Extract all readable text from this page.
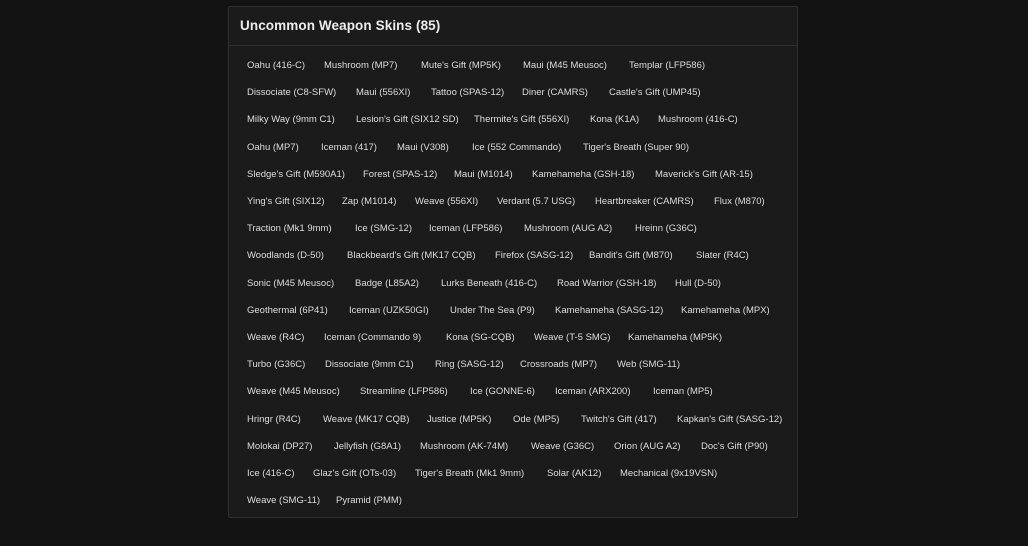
Uncommon Weapon Skins (85)
Oahu (416-C) Mushroom (MP7) Mute's Gift (MP5K) Maui (M45 Meusoc) Templar (LFP586)
Dissociate (C8-SFW) Maui (556XI) Tattoo (SPAS-12) Diner (CAMRS) Castle's Gift (UMP45)
Milky Way (9mm C1) Lesion's Gift (SIX12 SD) Thermite's Gift (556XI) Kona (K1A) Mushroom (416-C)
Oahu (MP7) Iceman (417) Maui (V308) Ice (552 Commando) Tiger's Breath (Super 90)
Sledge's Gift (M590A1) Forest (SPAS-12) Maui (M1014) Kamehameha (GSH-18) Maverick's Gift (AR-15)
Ying's Gift (SIX12) Zap (M1014) Weave (556XI) Verdant (5.7 USG) Heartbreaker (CAMRS) Flux (M870)
Traction (Mk1 9mm) Ice (SMG-12) Iceman (LFP586) Mushroom (AUG A2) Hreinn (G36C)
Woodlands (D-50) Blackbeard's Gift (MK17 CQB) Firefox (SASG-12) Bandit's Gift (M870) Slater (R4C)
Sonic (M45 Meusoc) Badge (L85A2) Lurks Beneath (416-C) Road Warrior (GSH-18) Hull (D-50)
Geothermal (6P41) Iceman (UZK50GI) Under The Sea (P9) Kamehameha (SASG-12) Kamehameha (MPX)
Weave (R4C) Iceman (Commando 9)	Kona (SG-CQB) Weave (T-5 SMG) Kamehameha (MP5K)
Turbo (G36C) Dissociate (9mm C1) Ring (SASG-12) Crossroads (MP7) Web (SMG-11)
Weave (M45 Meusoc) Streamline (LFP586) Ice (GONNE-6) Iceman (ARX200) Iceman (MP5)
Hringr (R4C) Weave (MK17 CQB) Justice (MP5K) Ode (MP5) Twitch's Gift (417) Kapkan's Gift (SASG-12)
Molokai (DP27) Jellyfish (G8A1) Mushroom (AK-74M) Weave (G36C) Orion (AUG A2) Doc's Gift (P90)
Ice (416-C) Glaz's Gift (OTs-03) Tiger's Breath (Mk1 9mm) Solar (AK12) Mechanical (9x19VSN)
Weave (SMG-11) Pyramid (PMM)
